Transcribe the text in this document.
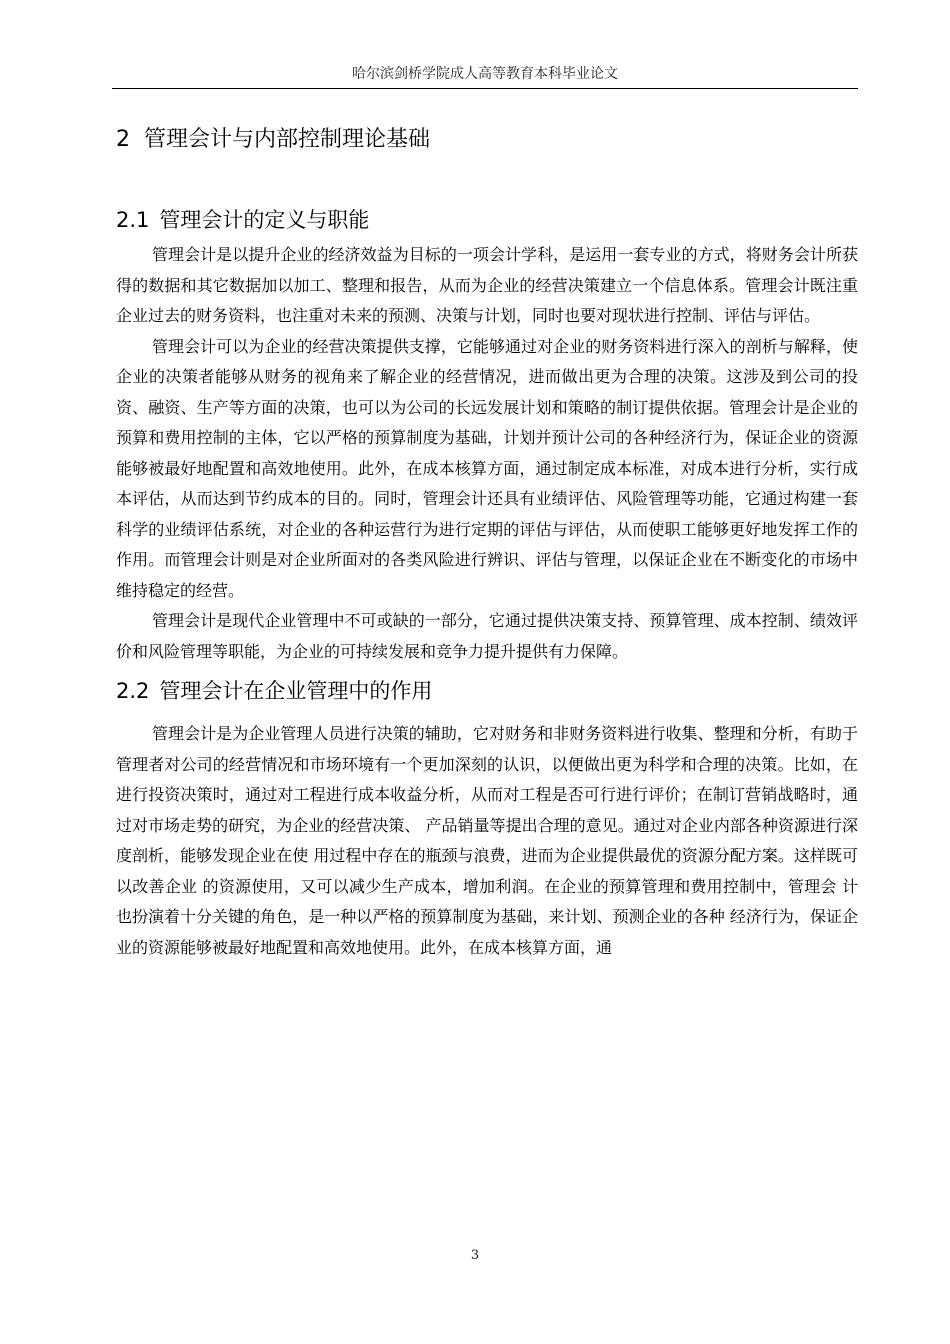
哈尔滨剑桥学院成人高等教育本科毕业论文
2 管理会计与内部控制理论基础
2.1 管理会计的定义与职能

管理会计是以提升企业的经济效益为目标的一项会计学科，是运用一套专业的方式，将财务会计所获得的数据和其它数据加以加工、整理和报告，从而为企业的经营决策建立一个信息体系。管理会计既注重企业过去的财务资料，也注重对未来的预测、决策与计划，同时也要对现状进行控制、评估与评估。

管理会计可以为企业的经营决策提供支撑，它能够通过对企业的财务资料进行深入的剖析与解释，使企业的决策者能够从财务的视角来了解企业的经营情况，进而做出更为合理的决策。这涉及到公司的投资、融资、生产等方面的决策，也可以为公司的长远发展计划和策略的制订提供依据。管理会计是企业的预算和费用控制的主体，它以严格的预算制度为基础，计划并预计公司的各种经济行为，保证企业的资源能够被最好地配置和高效地使用。此外，在成本核算方面，通过制定成本标准，对成本进行分析，实行成本评估，从而达到节约成本的目的。同时，管理会计还具有业绩评估、风险管理等功能，它通过构建一套科学的业绩评估系统，对企业的各种运营行为进行定期的评估与评估，从而使职工能够更好地发挥工作的作用。而管理会计则是对企业所面对的各类风险进行辨识、评估与管理，以保证企业在不断变化的市场中维持稳定的经营。

管理会计是现代企业管理中不可或缺的一部分，它通过提供决策支持、预算管理、成本控制、绩效评价和风险管理等职能，为企业的可持续发展和竞争力提升提供有力保障。

2.2 管理会计在企业管理中的作用

管理会计是为企业管理人员进行决策的辅助，它对财务和非财务资料进行收集、整理和分析，有助于管理者对公司的经营情况和市场环境有一个更加深刻的认识，以便做出更为科学和合理的决策。比如，在进行投资决策时，通过对工程进行成本收益分析，从而对工程是否可行进行评价；在制订营销战略时，通过对市场走势的研究，为企业的经营决策、 产品销量等提出合理的意见。通过对企业内部各种资源进行深度剖析，能够发现企业在使 用过程中存在的瓶颈与浪费，进而为企业提供最优的资源分配方案。这样既可以改善企业 的资源使用，又可以减少生产成本，增加利润。在企业的预算管理和费用控制中，管理会 计也扮演着十分关键的角色，是一种以严格的预算制度为基础，来计划、预测企业的各种 经济行为，保证企业的资源能够被最好地配置和高效地使用。此外，在成本核算方面，通

3
